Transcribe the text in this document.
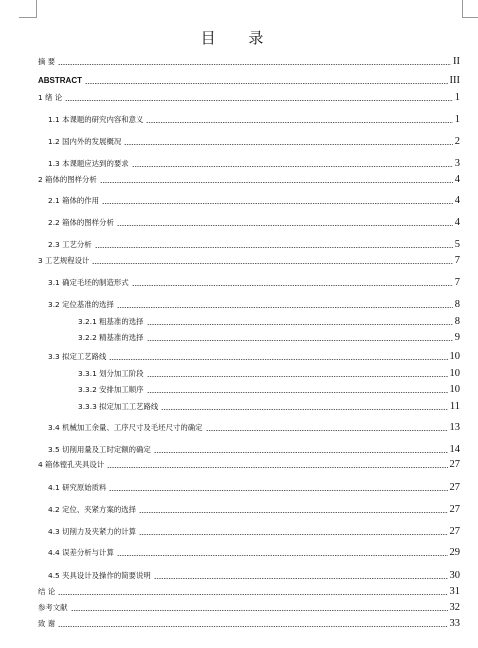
目 录
摘 要	II
ABSTRACT	III
1 绪 论	1
1.1 本课题的研究内容和意义	1
1.2 国内外的发展概况	2
1.3 本课题应达到的要求	3
2 箱体的图样分析	4
2.1 箱体的作用	4
2.2 箱体的图样分析	4
2.3 工艺分析	5
3 工艺规程设计	7
3.1 确定毛坯的制造形式	7
3.2 定位基准的选择	8
3.2.1 粗基准的选择	8
3.2.2 精基准的选择	9
3.3 拟定工艺路线	10
3.3.1 划分加工阶段	10
3.3.2 安排加工顺序	10
3.3.3 拟定加工工艺路线	11
3.4 机械加工余量、工序尺寸及毛坯尺寸的确定	13
3.5 切削用量及工时定额的确定	14
4 箱体镗孔夹具设计	27
4.1 研究原始质料	27
4.2 定位、夹紧方案的选择	27
4.3 切削力及夹紧力的计算	27
4.4 误差分析与计算	29
4.5 夹具设计及操作的简要说明	30
结 论	31
参考文献	32
致 谢	33
